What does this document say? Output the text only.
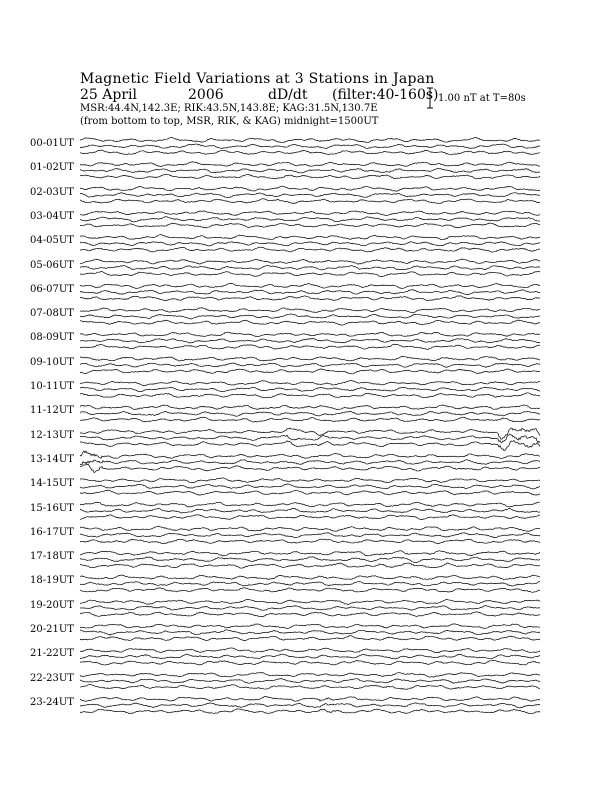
Magnetic Field Variations at 3 Stations in Japan
25 April	2006	dD/dt (filter:40-160s)
MSR:44.4N,142.3E; RIK:43.5N,143.8E; KAG:31.5N,130.7E
(from bottom to top, MSR, RIK, & KAG) midnight=1500UT
1.00 nT at T=80s
00-01UT
01-02UT
02-03UT
03-04UT
04-05UT
05-06UT
06-07UT
07-08UT
08-09UT
09-10UT
10-11UT
11-12UT
12-13UT
13-14UT
14-15UT
15-16UT
16-17UT
17-18UT
18-19UT
19-20UT
20-21UT
21-22UT
22-23UT
23-24UT
